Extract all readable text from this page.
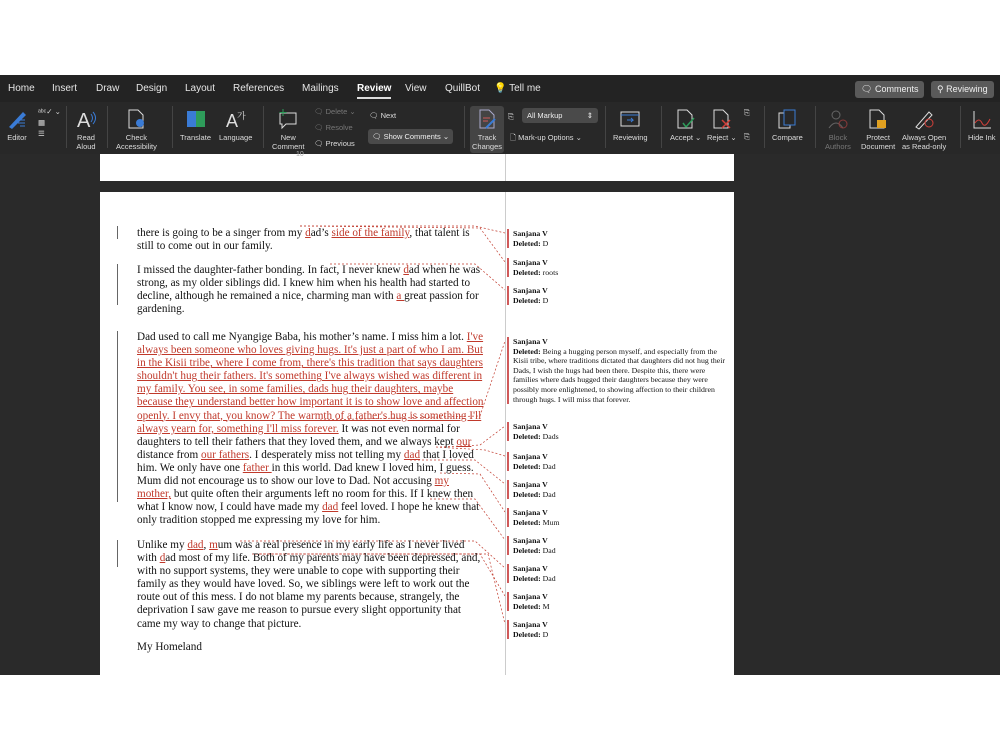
Home Insert Draw Design Layout References Mailings Review View QuillBot 💡 Tell me	🗨 Comments	⚲ Reviewing
Editor
ᵃᵇᶜ✓ ⌄
▦
☰
A
Read
Aloud
Check
Accessibility
Translate
A
가
Language	New
Comment
🗨 Delete ⌄
🗨 Resolve
🗨 Previous
🗨 Next
🗨 Show Comments ⌄	Track
Changes
⎘	All Markup	⇕
🗋 Mark-up Options ⌄	Reviewing	Accept ⌄ Reject ⌄
⎘
⎘	Compare	Block
Authors
Protect
Document
Always Open
as Read-only
Hide Ink
10
there is going to be a singer from my dad’s side of the family, that talent is
still to come out in our family.
I missed the daughter-father bonding. In fact, I never knew dad when he was
strong, as my older siblings did. I knew him when his health had started to
decline, although he remained a nice, charming man with a great passion for
gardening.
Dad used to call me Nyangige Baba, his mother’s name. I miss him a lot. I've
always been someone who loves giving hugs. It's just a part of who I am. But
in the Kisii tribe, where I come from, there's this tradition that says daughters
shouldn't hug their fathers. It's something I've always wished was different in
my family. You see, in some families, dads hug their daughters, maybe
because they understand better how important it is to show love and affection
openly. I envy that, you know? The warmth of a father's hug is something I'll
always yearn for, something I'll miss forever. It was not even normal for
daughters to tell their fathers that they loved them, and we always kept our
distance from our fathers. I desperately miss not telling my dad that I loved
him. We only have one father in this world. Dad knew I loved him, I guess.
Mum did not encourage us to show our love to Dad. Not accusing my
mother, but quite often their arguments left no room for this. If I knew then
what I know now, I could have made my dad feel loved. I hope he knew that
only tradition stopped me expressing my love for him.
Unlike my dad, mum was a real presence in my early life as I never lived
with dad most of my life. Both of my parents may have been depressed, and,
with no support systems, they were unable to cope with supporting their
family as they would have loved. So, we siblings were left to work out the
route out of this mess. I do not blame my parents because, strangely, the
deprivation I saw gave me reason to pursue every slight opportunity that
came my way to change that picture.
My Homeland
Sanjana V
Deleted: D
Sanjana V
Deleted: roots
Sanjana V
Deleted: D
Sanjana V
Deleted: Being a hugging person myself, and especially from the Kisii tribe, where traditions dictated that daughters did not hug their Dads, I wish the hugs had been there. Despite this, there were families where dads hugged their daughters because they were possibly more enlightened, to showing affection to their children through hugs. I will miss that forever.
Sanjana V
Deleted: Dads
Sanjana V
Deleted: Dad
Sanjana V
Deleted: Dad
Sanjana V
Deleted: Mum
Sanjana V
Deleted: Dad
Sanjana V
Deleted: Dad
Sanjana V
Deleted: M
Sanjana V
Deleted: D
